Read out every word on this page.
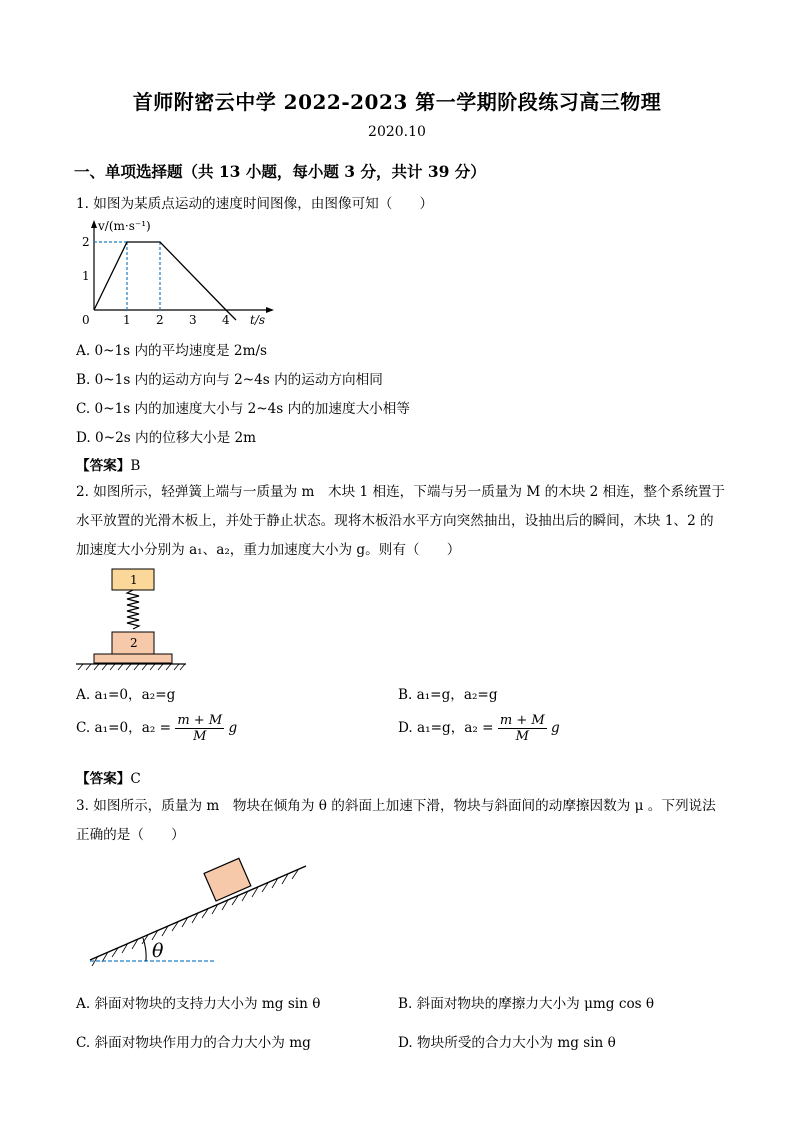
首师附密云中学 2022-2023 第一学期阶段练习高三物理
2020.10
一、单项选择题（共 13 小题，每小题 3 分，共计 39 分）
1. 如图为某质点运动的速度时间图像，由图像可知（　　）
v/(m·s⁻¹)
2
1
0	1 2 3 4 t/s
A. 0~1s 内的平均速度是 2m/s
B. 0~1s 内的运动方向与 2~4s 内的运动方向相同
C. 0~1s 内的加速度大小与 2~4s 内的加速度大小相等
D. 0~2s 内的位移大小是 2m
【答案】B
2. 如图所示，轻弹簧上端与一质量为 m　木块 1 相连，下端与另一质量为 M 的木块 2 相连，整个系统置于
水平放置的光滑木板上，并处于静止状态。现将木板沿水平方向突然抽出，设抽出后的瞬间，木块 1、2 的
加速度大小分别为 a₁、a₂，重力加速度大小为 g。则有（　　）
1
2
A. a₁=0，a₂=g	B. a₁=g，a₂=g
C. a₁=0，$a_2 = \frac{m + M}{M}$ g	D. a₁=g，$a_2 = \frac{m + M}{M}$ g
【答案】C
3. 如图所示，质量为 m　物块在倾角为 θ 的斜面上加速下滑，物块与斜面间的动摩擦因数为 μ 。下列说法
正确的是（　　）
θ
A. 斜面对物块的支持力大小为 mg sin θ	B. 斜面对物块的摩擦力大小为 μmg cos θ
C. 斜面对物块作用力的合力大小为 mg	D. 物块所受的合力大小为 mg sin θ
